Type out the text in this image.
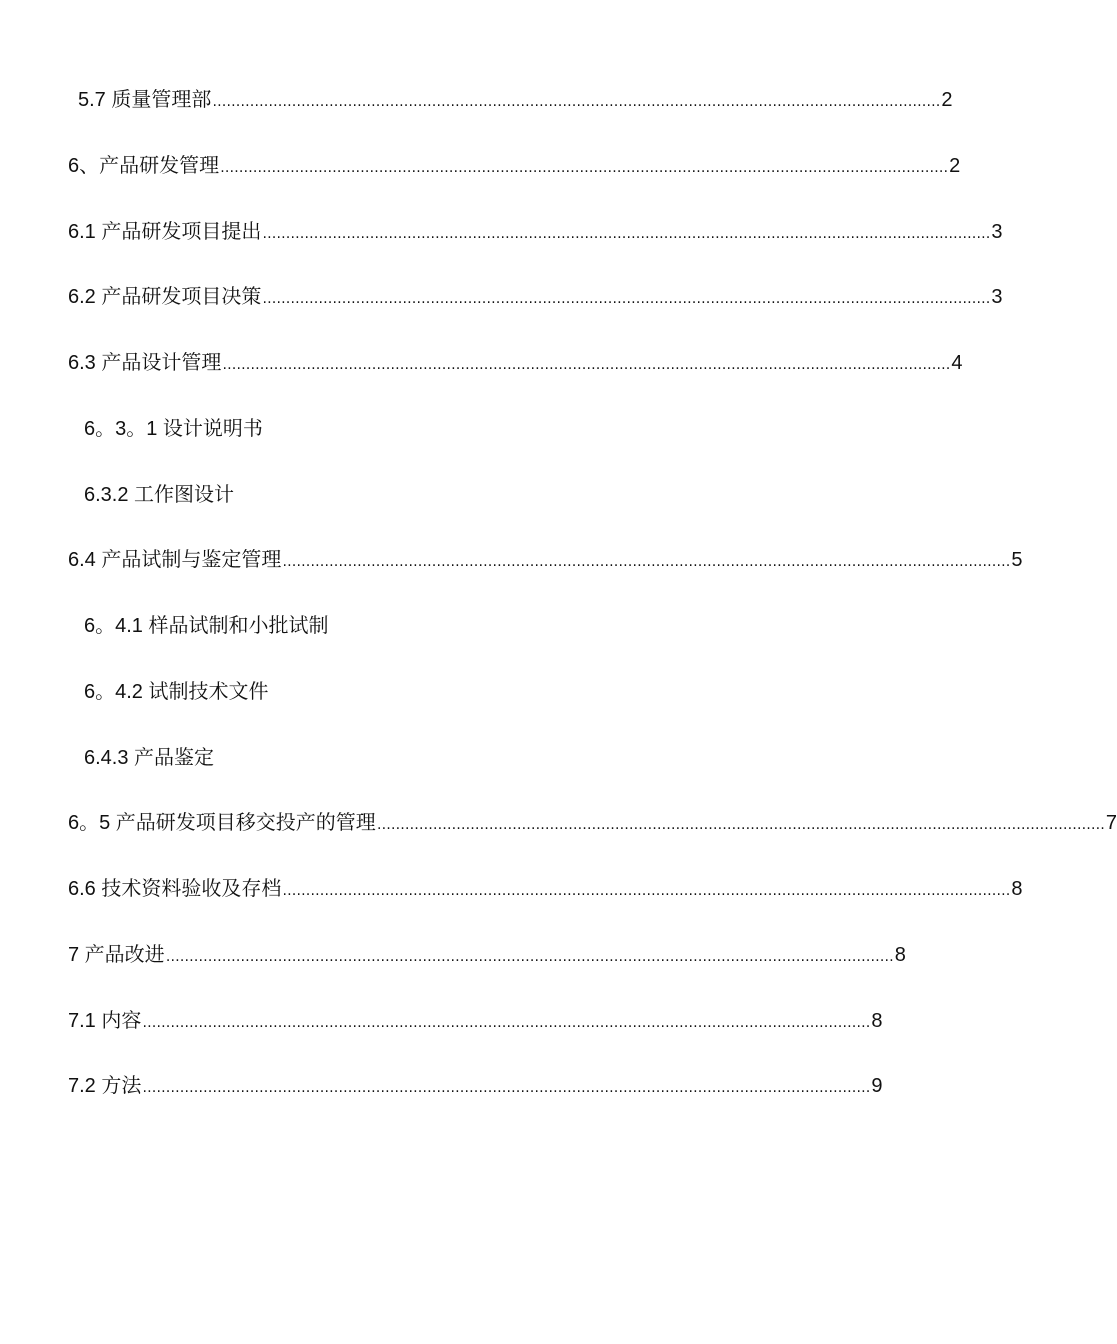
5.7 质量管理部 ………………………………………………………………………………………………………………………………………… 2
6、产品研发管理 ………………………………………………………………………………………………………………………………………… 2
6.1 产品研发项目提出 ………………………………………………………………………………………………………………………………………… 3
6.2 产品研发项目决策 ………………………………………………………………………………………………………………………………………… 3
6.3 产品设计管理 ………………………………………………………………………………………………………………………………………… 4
6。3。1 设计说明书
6.3.2 工作图设计
6.4 产品试制与鉴定管理 ………………………………………………………………………………………………………………………………………… 5
6。4.1 样品试制和小批试制
6。4.2 试制技术文件
6.4.3 产品鉴定
6。5 产品研发项目移交投产的管理 ………………………………………………………………………………………………………………………………………… 7
6.6 技术资料验收及存档 ………………………………………………………………………………………………………………………………………… 8
7 产品改进 ………………………………………………………………………………………………………………………………………… 8
7.1 内容 ………………………………………………………………………………………………………………………………………… 8
7.2 方法 ………………………………………………………………………………………………………………………………………… 9
